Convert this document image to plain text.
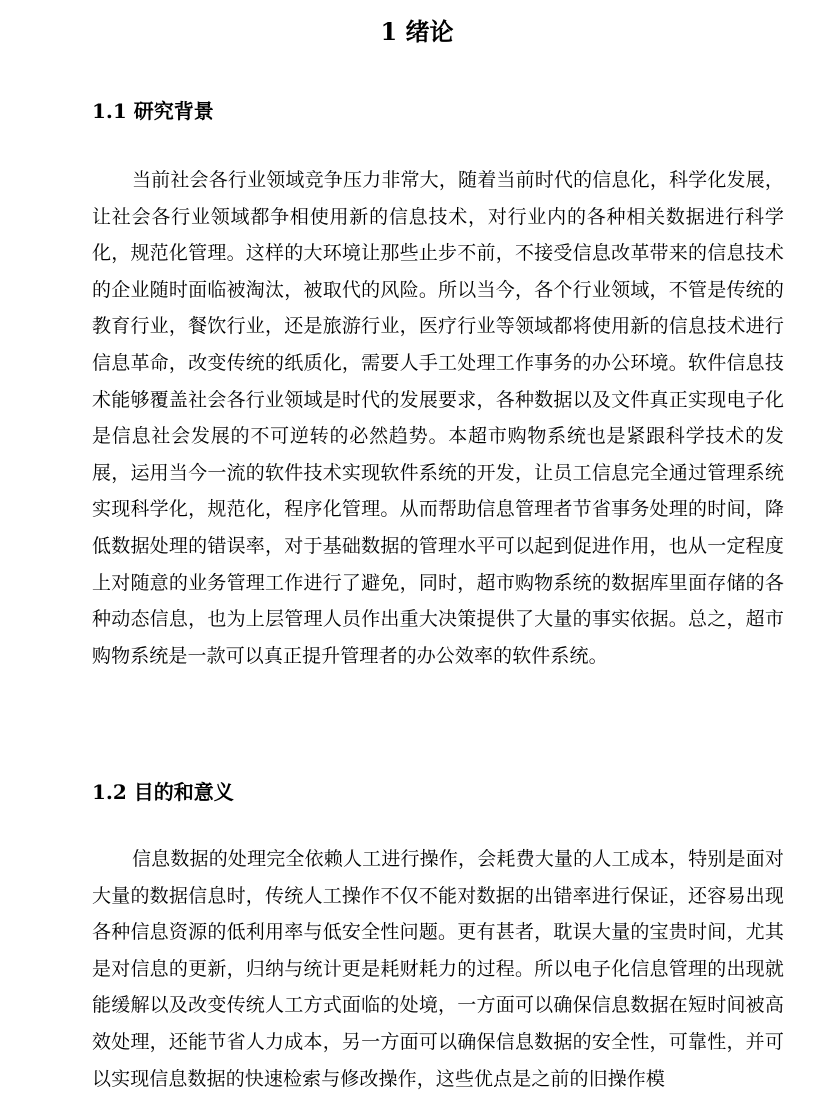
1 绪论
1.1 研究背景

当前社会各行业领域竞争压力非常大，随着当前时代的信息化，科学化发展，让社会各行业领域都争相使用新的信息技术，对行业内的各种相关数据进行科学化，规范化管理。这样的大环境让那些止步不前，不接受信息改革带来的信息技术的企业随时面临被淘汰，被取代的风险。所以当今，各个行业领域，不管是传统的教育行业，餐饮行业，还是旅游行业，医疗行业等领域都将使用新的信息技术进行信息革命，改变传统的纸质化，需要人手工处理工作事务的办公环境。软件信息技术能够覆盖社会各行业领域是时代的发展要求，各种数据以及文件真正实现电子化是信息社会发展的不可逆转的必然趋势。本超市购物系统也是紧跟科学技术的发展，运用当今一流的软件技术实现软件系统的开发，让员工信息完全通过管理系统实现科学化，规范化，程序化管理。从而帮助信息管理者节省事务处理的时间，降低数据处理的错误率，对于基础数据的管理水平可以起到促进作用，也从一定程度上对随意的业务管理工作进行了避免，同时，超市购物系统的数据库里面存储的各种动态信息，也为上层管理人员作出重大决策提供了大量的事实依据。总之，超市购物系统是一款可以真正提升管理者的办公效率的软件系统。

1.2 目的和意义

信息数据的处理完全依赖人工进行操作，会耗费大量的人工成本，特别是面对大量的数据信息时，传统人工操作不仅不能对数据的出错率进行保证，还容易出现各种信息资源的低利用率与低安全性问题。更有甚者，耽误大量的宝贵时间，尤其是对信息的更新，归纳与统计更是耗财耗力的过程。所以电子化信息管理的出现就能缓解以及改变传统人工方式面临的处境，一方面可以确保信息数据在短时间被高效处理，还能节省人力成本，另一方面可以确保信息数据的安全性，可靠性，并可以实现信息数据的快速检索与修改操作，这些优点是之前的旧操作模
